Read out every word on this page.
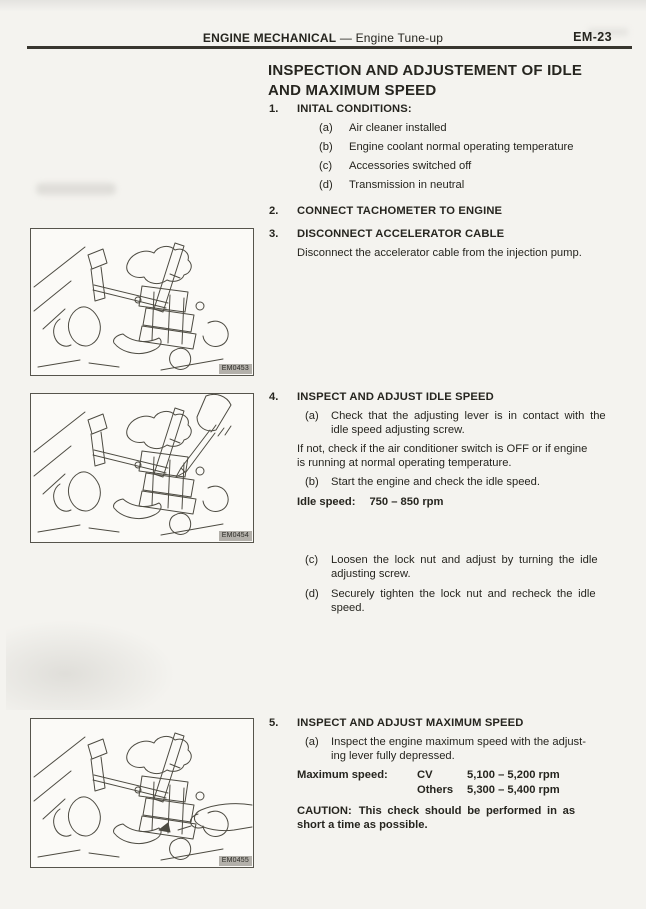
ENGINE MECHANICAL — Engine Tune-up	EM-23
INSPECTION AND ADJUSTEMENT OF IDLE
AND MAXIMUM SPEED
1.	INITAL CONDITIONS:
(a)	Air cleaner installed
(b)	Engine coolant normal operating temperature
(c)	Accessories switched off
(d)	Transmission in neutral
2.	CONNECT TACHOMETER TO ENGINE
3.	DISCONNECT ACCELERATOR CABLE
Disconnect the accelerator cable from the injection pump.
4.	INSPECT AND ADJUST IDLE SPEED
(a)	Check that the adjusting lever is in contact with the
idle speed adjusting screw.
If not, check if the air conditioner switch is OFF or if engine
is running at normal operating temperature.
(b)	Start the engine and check the idle speed.
Idle speed: 750 – 850 rpm
(c)	Loosen the lock nut and adjust by turning the idle
adjusting screw.
(d)	Securely tighten the lock nut and recheck the idle
speed.
5.	INSPECT AND ADJUST MAXIMUM SPEED
(a)	Inspect the engine maximum speed with the adjust-
ing lever fully depressed.
Maximum speed:	CV	5,100 – 5,200 rpm
Others 5,300 – 5,400 rpm
CAUTION: This check should be performed in as
short a time as possible.
EM0453
EM0454
EM0455
